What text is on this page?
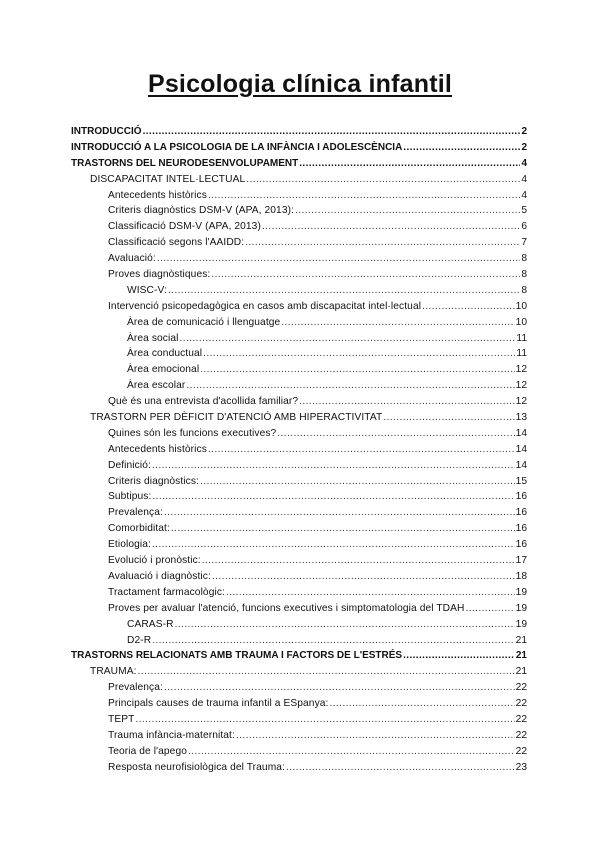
Psicologia clínica infantil
INTRODUCCIÓ .....	2
INTRODUCCIÓ A LA PSICOLOGIA DE LA INFÀNCIA I ADOLESCÈNCIA .....	2
TRASTORNS DEL NEURODESENVOLUPAMENT .....	4
DISCAPACITAT INTEL·LECTUAL .....	4
Antecedents històrics .....	4
Criteris diagnòstics DSM-V (APA, 2013): .....	5
Classificació DSM-V (APA, 2013) .....	6
Classificació segons l'AAIDD: .....	7
Avaluació: .....	8
Proves diagnòstiques: .....	8
WISC-V: .....	8
Intervenció psicopedagògica en casos amb discapacitat intel·lectual .....	10
Àrea de comunicació i llenguatge .....	10
Àrea social .....	11
Àrea conductual .....	11
Àrea emocional .....	12
Àrea escolar .....	12
Què és una entrevista d'acollida familiar? .....	12
TRASTORN PER DÈFICIT D'ATENCIÓ AMB HIPERACTIVITAT .....	13
Quines són les funcions executives? .....	14
Antecedents històrics .....	14
Definició: .....	14
Criteris diagnòstics: .....	15
Subtipus: .....	16
Prevalença: .....	16
Comorbiditat: .....	16
Etiologia: .....	16
Evolució i pronòstic: .....	17
Avaluació i diagnòstic: .....	18
Tractament farmacològic: .....	19
Proves per avaluar l'atenció, funcions executives i simptomatologia del TDAH .....	19
CARAS-R .....	19
D2-R .....	21
TRASTORNS RELACIONATS AMB TRAUMA I FACTORS DE L'ESTRÉS .....	21
TRAUMA: .....	21
Prevalença: .....	22
Principals causes de trauma infantil a ESpanya: .....	22
TEPT .....	22
Trauma infància-maternitat: .....	22
Teoria de l'apego .....	22
Resposta neurofisiològica del Trauma: .....	23
